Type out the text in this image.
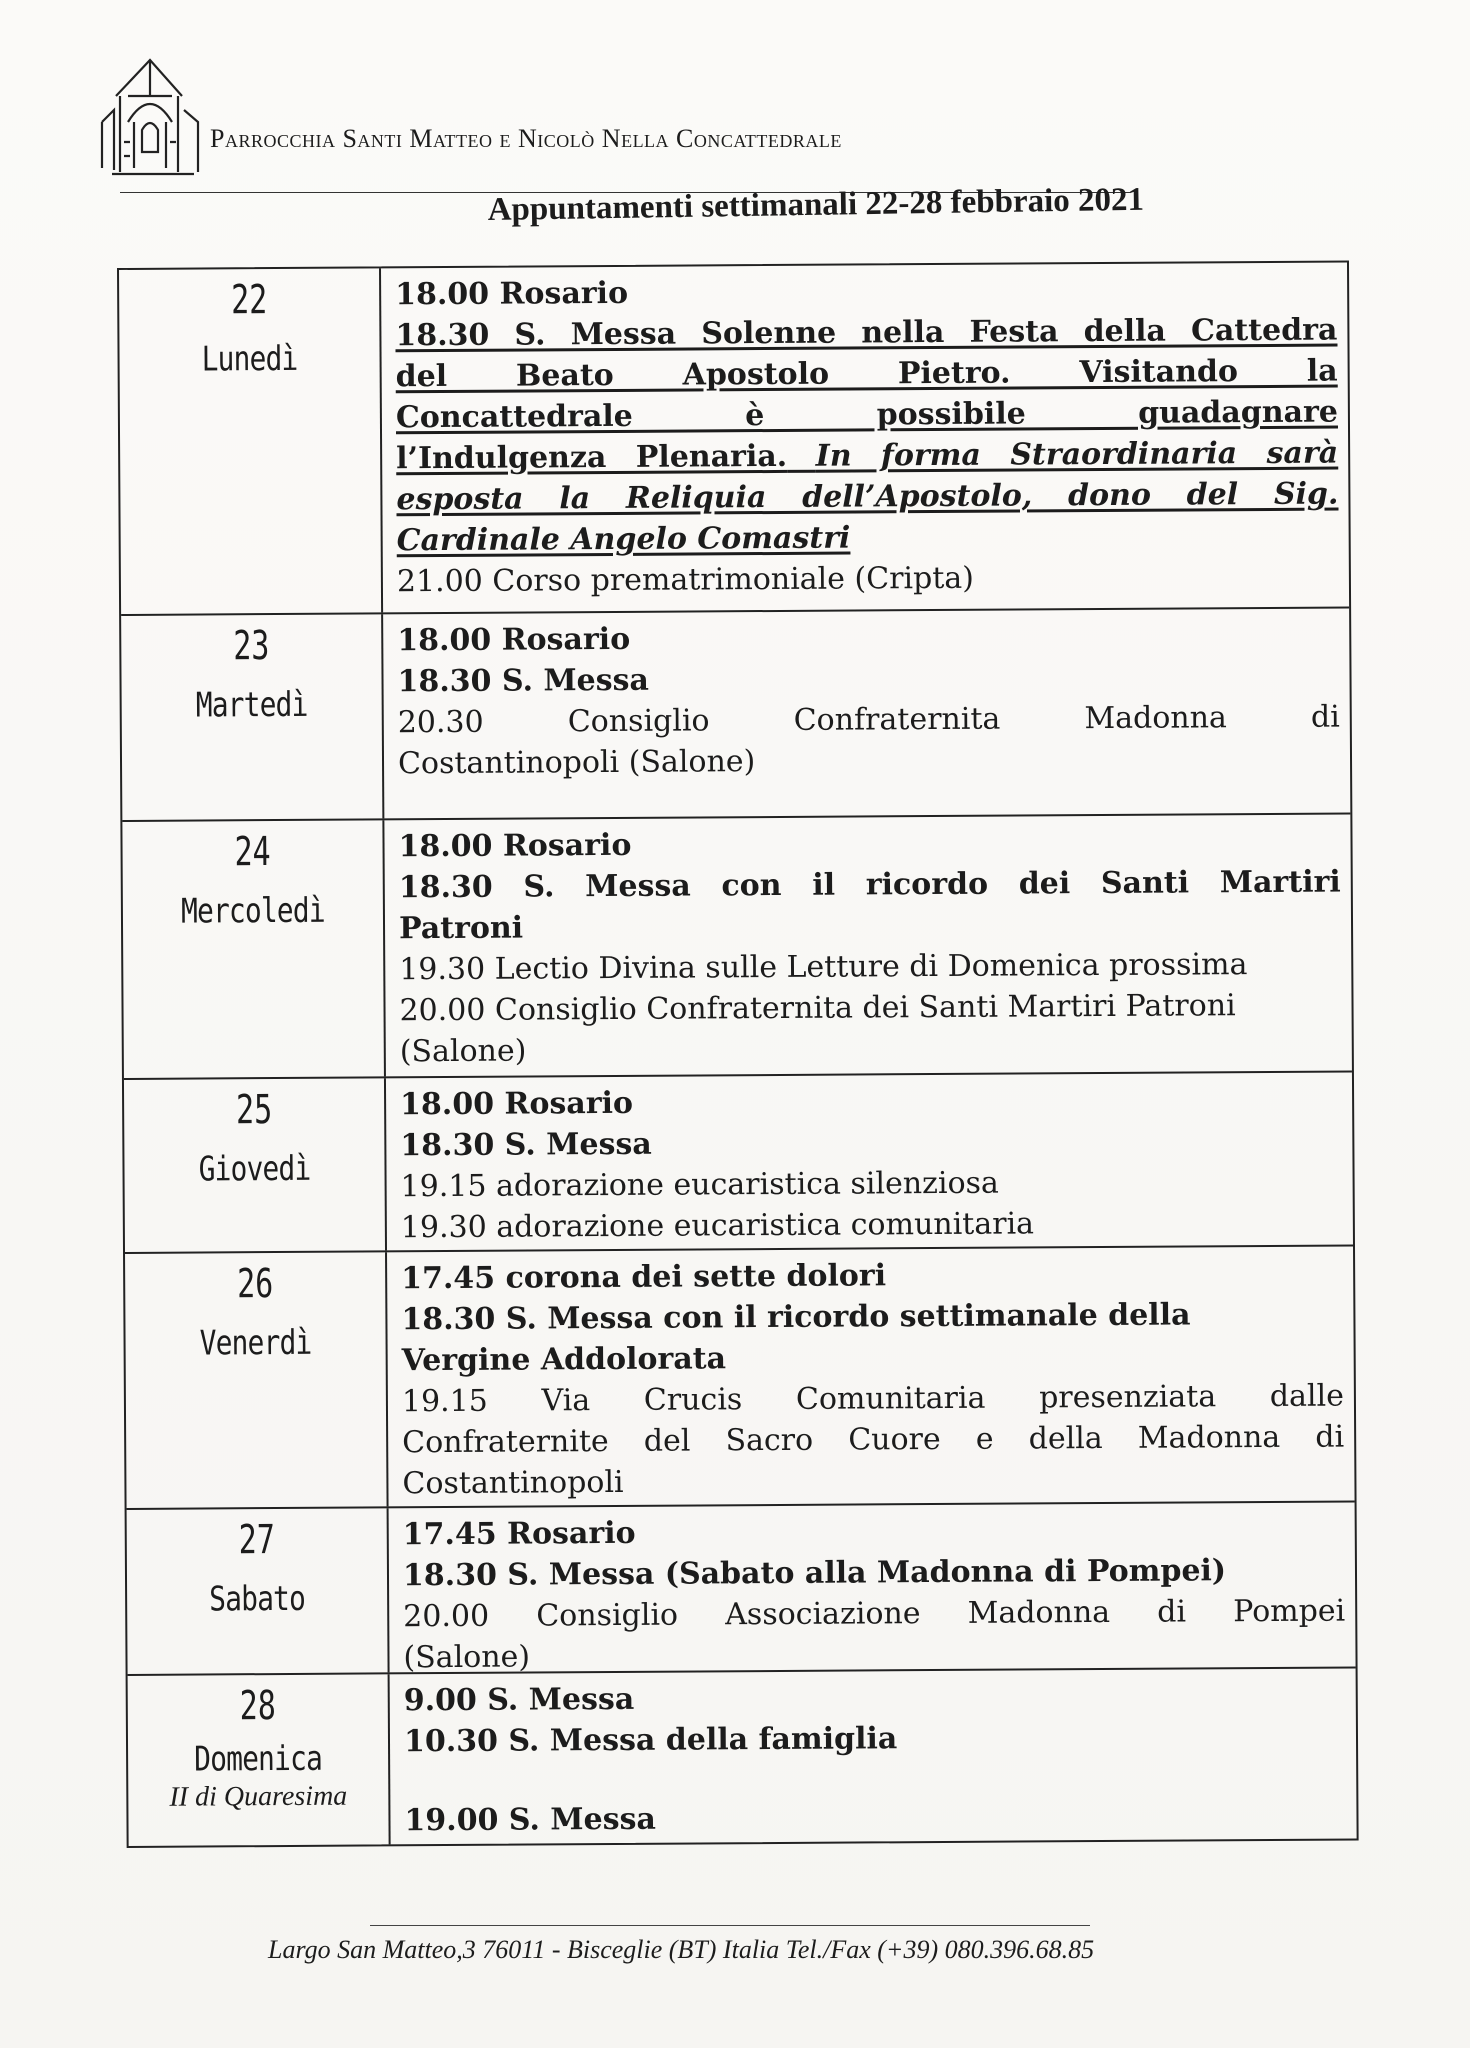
Parrocchia Santi Matteo e Nicolò Nella Concattedrale
Appuntamenti settimanali 22-28 febbraio 2021
22
Lunedì
18.00 Rosario
18.30 S. Messa Solenne nella Festa della Cattedra
del Beato Apostolo Pietro. Visitando la
Concattedrale è possibile guadagnare
l’Indulgenza Plenaria. In forma Straordinaria sarà
esposta la Reliquia dell’Apostolo, dono del Sig.
Cardinale Angelo Comastri
21.00 Corso prematrimoniale (Cripta)
23
Martedì
18.00 Rosario
18.30 S. Messa
20.30 Consiglio Confraternita Madonna di
Costantinopoli (Salone)
24
Mercoledì
18.00 Rosario
18.30 S. Messa con il ricordo dei Santi Martiri
Patroni
19.30 Lectio Divina sulle Letture di Domenica prossima
20.00 Consiglio Confraternita dei Santi Martiri Patroni
(Salone)
25
Giovedì
18.00 Rosario
18.30 S. Messa
19.15 adorazione eucaristica silenziosa
19.30 adorazione eucaristica comunitaria
26
Venerdì
17.45 corona dei sette dolori
18.30 S. Messa con il ricordo settimanale della
Vergine Addolorata
19.15 Via Crucis Comunitaria presenziata dalle
Confraternite del Sacro Cuore e della Madonna di
Costantinopoli
27
Sabato
17.45 Rosario
18.30 S. Messa (Sabato alla Madonna di Pompei)
20.00 Consiglio Associazione Madonna di Pompei
(Salone)
28
Domenica
II di Quaresima
9.00 S. Messa
10.30 S. Messa della famiglia
19.00 S. Messa
Largo San Matteo,3 76011 - Bisceglie (BT) Italia Tel./Fax (+39) 080.396.68.85
